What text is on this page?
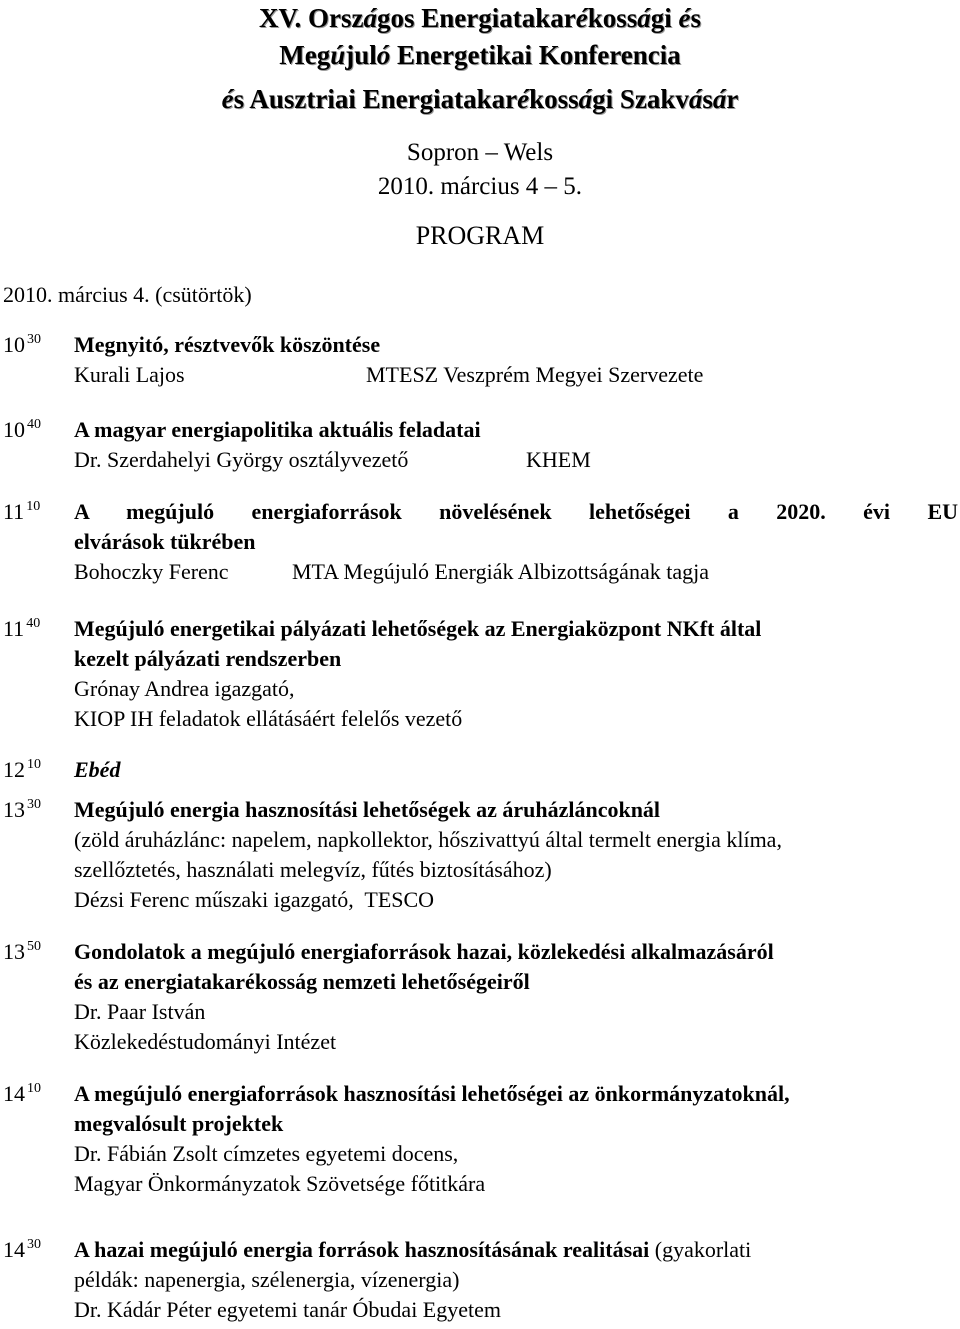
XV. Országos Energiatakarékossági és
Megújuló Energetikai Konferencia
és Ausztriai Energiatakarékossági Szakvásár
Sopron – Wels
2010. március 4 – 5.
PROGRAM
2010. március 4. (csütörtök)
10 $^{30}$ Megnyitó, résztvevők köszöntése
Kurali Lajos	MTESZ Veszprém Megyei Szervezete
10 $^{40}$ A magyar energiapolitika aktuális feladatai
Dr. Szerdahelyi György osztályvezető	KHEM
11 $^{10}$ A megújuló energiaforrások növelésének lehetőségei a 2020. évi EU
elvárások tükrében
Bohoczky Ferenc	MTA Megújuló Energiák Albizottságának tagja
11 $^{40}$ Megújuló energetikai pályázati lehetőségek az Energiaközpont NKft által
kezelt pályázati rendszerben
Grónay Andrea igazgató,
KIOP IH feladatok ellátásáért felelős vezető
12 $^{10}$ Ebéd
13 $^{30}$ Megújuló energia hasznosítási lehetőségek az áruházláncoknál
(zöld áruházlánc: napelem, napkollektor, hőszivattyú által termelt energia klíma,
szellőztetés, használati melegvíz, fűtés biztosításához)
Dézsi Ferenc műszaki igazgató,  TESCO
13 $^{50}$ Gondolatok a megújuló energiaforrások hazai, közlekedési alkalmazásáról
és az energiatakarékosság nemzeti lehetőségeiről
Dr. Paar István
Közlekedéstudományi Intézet
14 $^{10}$ A megújuló energiaforrások hasznosítási lehetőségei az önkormányzatoknál,
megvalósult projektek
Dr. Fábián Zsolt címzetes egyetemi docens,
Magyar Önkormányzatok Szövetsége főtitkára
14 $^{30}$ A hazai megújuló energia források hasznosításának realitásai (gyakorlati
példák: napenergia, szélenergia, vízenergia)
Dr. Kádár Péter egyetemi tanár Óbudai Egyetem
